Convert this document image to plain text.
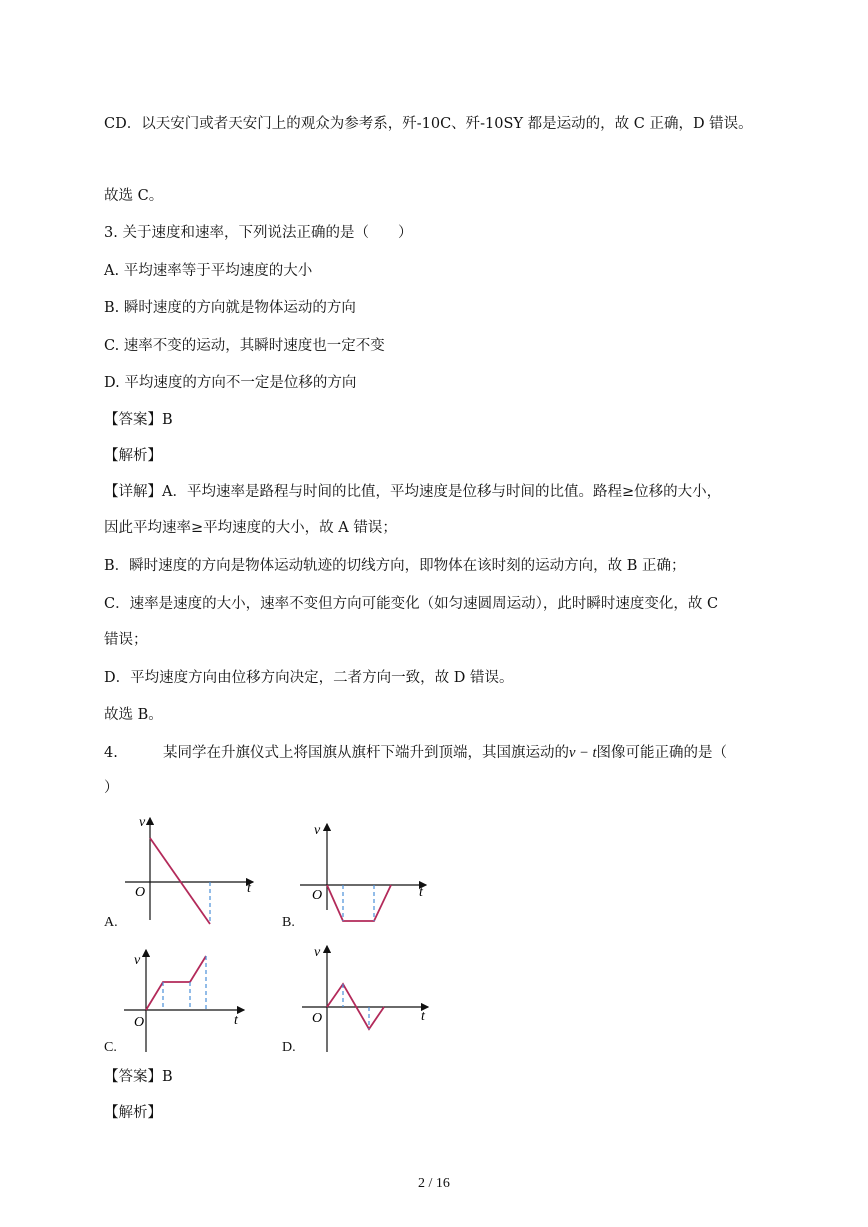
CD．以天安门或者天安门上的观众为参考系，歼-10C、歼-10SY 都是运动的，故 C 正确，D 错误。
故选 C。
3. 关于速度和速率，下列说法正确的是（　　）
A. 平均速率等于平均速度的大小
B. 瞬时速度的方向就是物体运动的方向
C. 速率不变的运动，其瞬时速度也一定不变
D. 平均速度的方向不一定是位移的方向
【答案】B
【解析】
【详解】A．平均速率是路程与时间的比值，平均速度是位移与时间的比值。路程≥位移的大小，
因此平均速率≥平均速度的大小，故 A 错误；
B．瞬时速度的方向是物体运动轨迹的切线方向，即物体在该时刻的运动方向，故 B 正确；
C．速率是速度的大小，速率不变但方向可能变化（如匀速圆周运动），此时瞬时速度变化，故 C
错误；
D．平均速度方向由位移方向决定，二者方向一致，故 D 错误。
故选 B。
4.	某同学在升旗仪式上将国旗从旗杆下端升到顶端，其国旗运动的v − t图像可能正确的是（
）
v
t
O
A.
v
t
O
B.
v
t
O
C.
v
t
O
D.
【答案】B
【解析】
2 / 16
